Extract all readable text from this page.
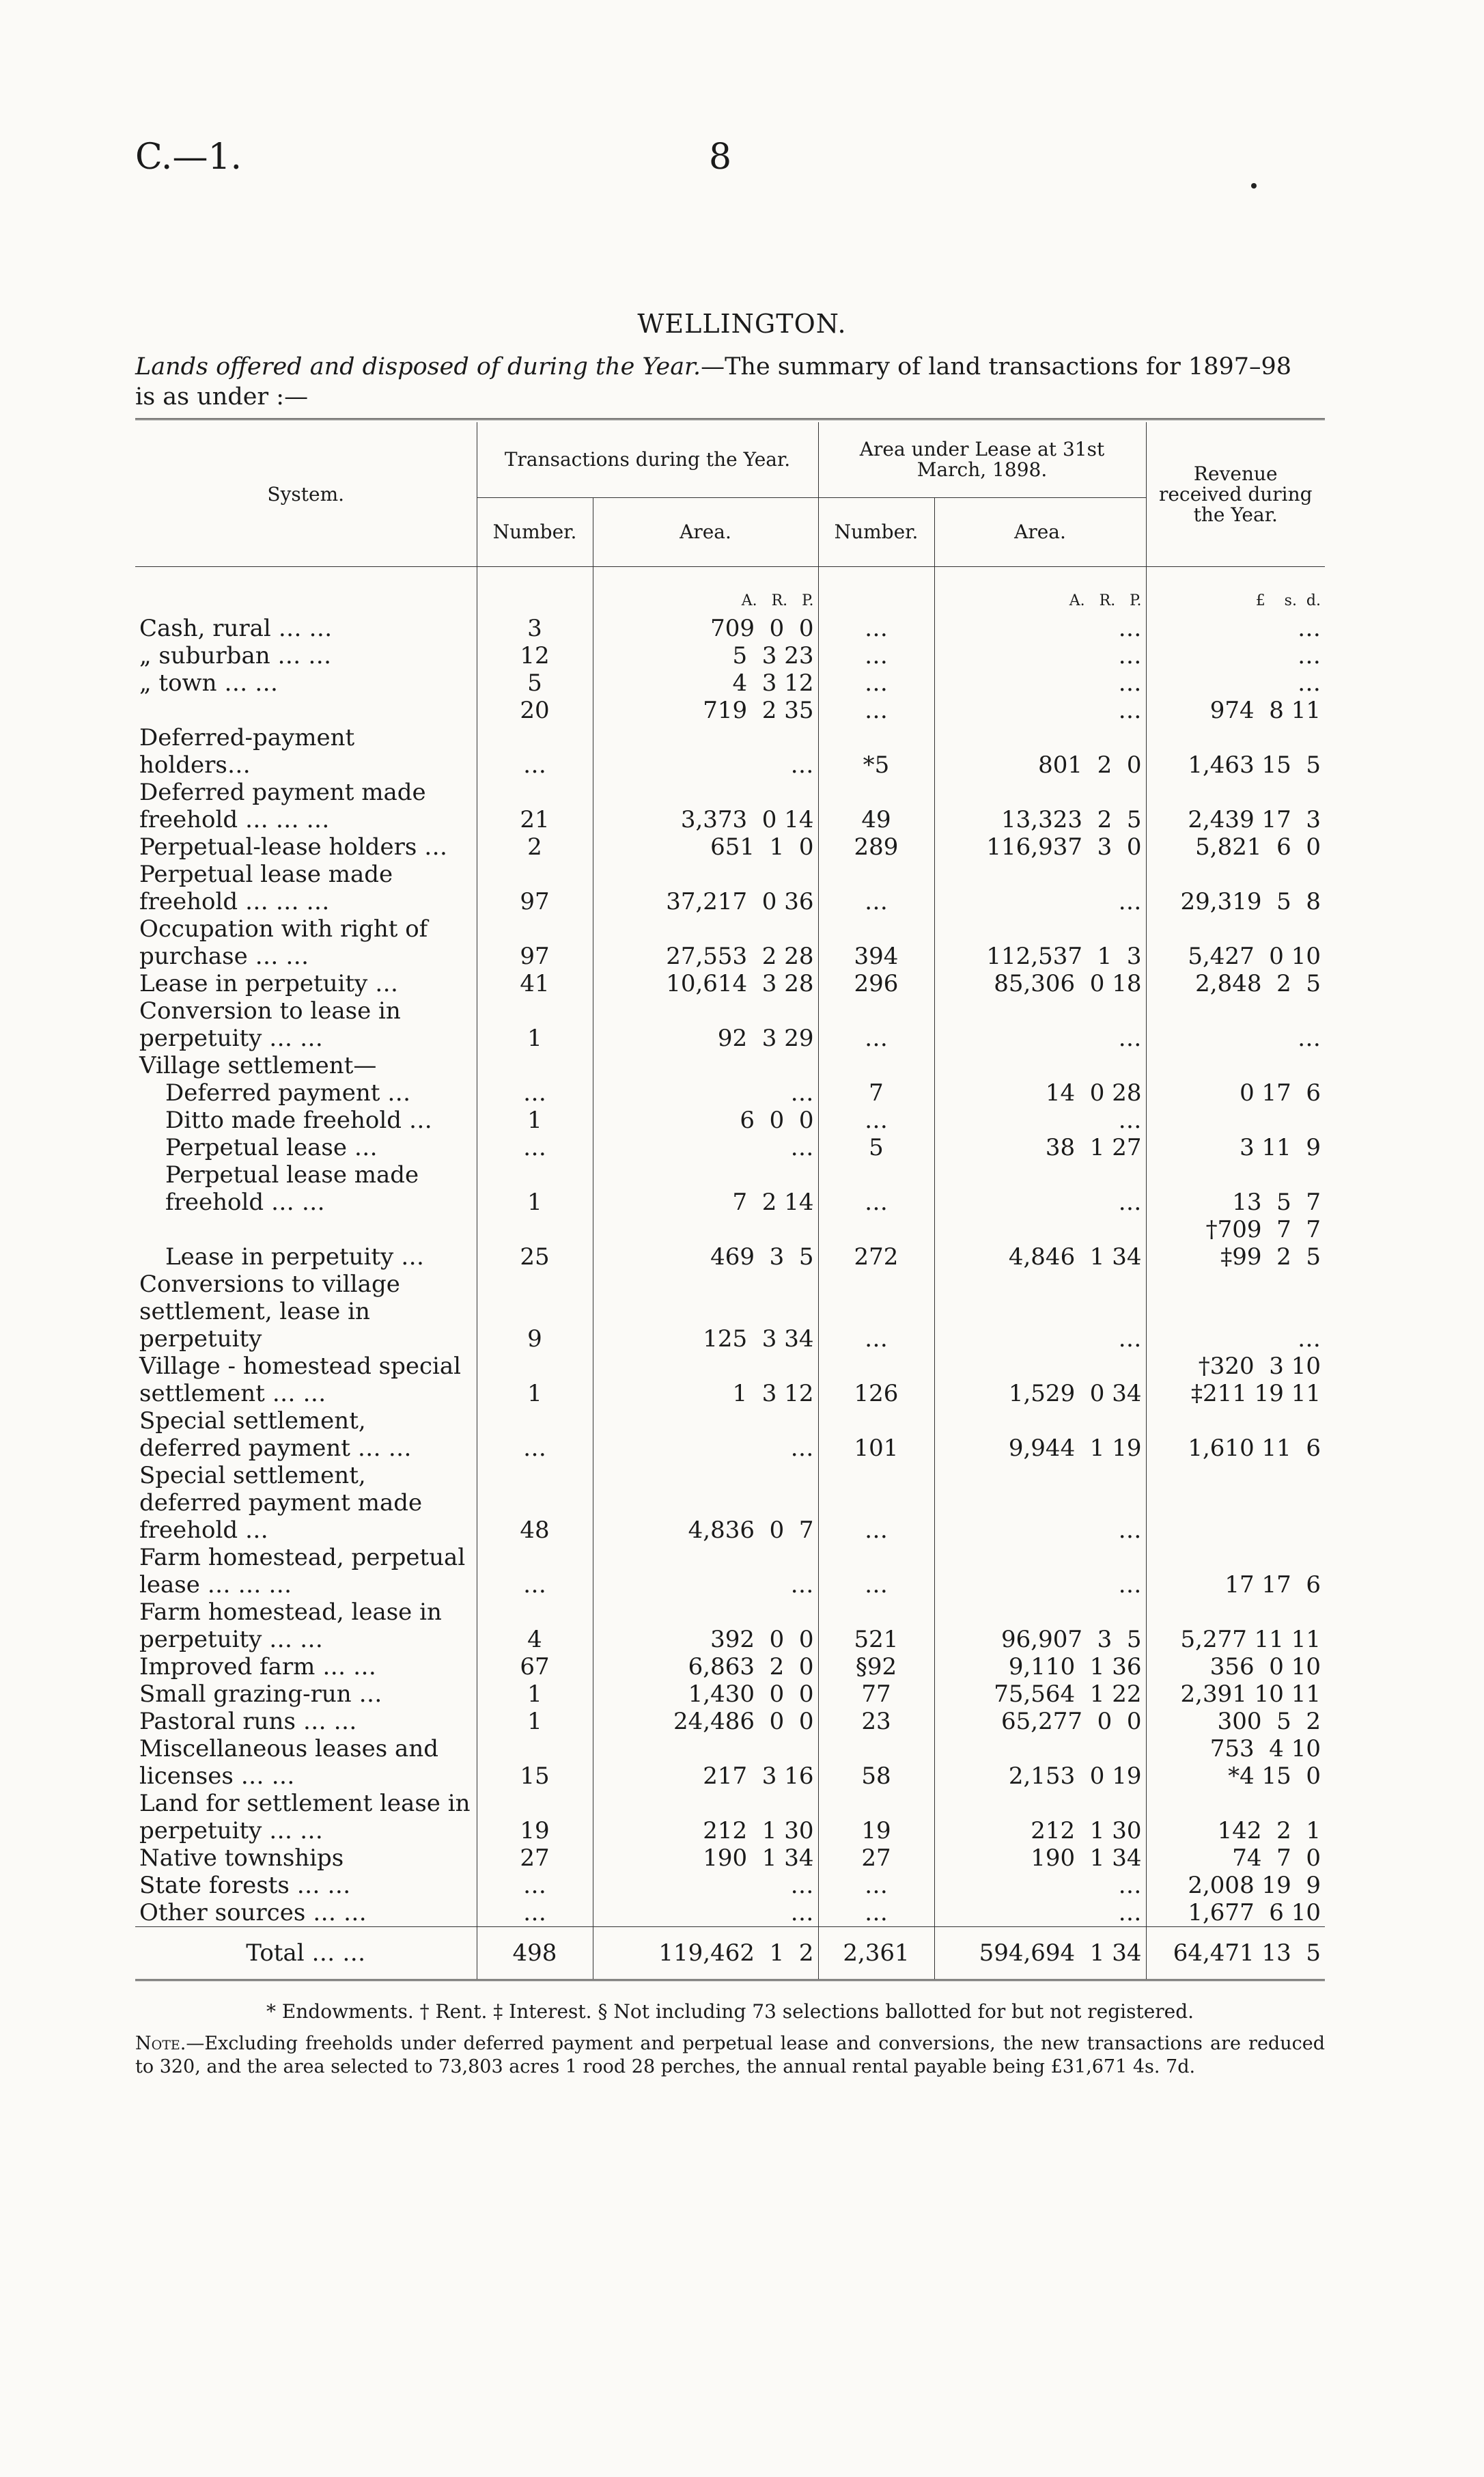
C.—1.	8
WELLINGTON.
Lands offered and disposed of during the Year.—The summary of land transactions for 1897–98
is as under :—
System.	Transactions during the Year.		Area under Lease at 31st March, 1898.		Revenue received during the Year.
	Number.	Area.	Number.	Area.	
		A.   R.   P.		A.   R.   P.	£    s.  d.
Cash, rural … …	3	709  0  0	…	…	…
„ suburban … …	12	5  3 23	…	…	…
„ town … …	5	4  3 12	…	…	…
	20	719  2 35	…	…	974  8 11
Deferred-payment holders…	…	…	*5	801  2  0	1,463 15  5
Deferred payment made freehold … … …	21	3,373  0 14	49	13,323  2  5	2,439 17  3
Perpetual-lease holders …	2	651  1  0	289	116,937  3  0	5,821  6  0
Perpetual lease made freehold … … …	97	37,217  0 36	…	…	29,319  5  8
Occupation with right of purchase … …	97	27,553  2 28	394	112,537  1  3	5,427  0 10
Lease in perpetuity …	41	10,614  3 28	296	85,306  0 18	2,848  2  5
Conversion to lease in perpetuity … …	1	92  3 29	…	…	…
Village settlement—					
Deferred payment …	…	…	7	14  0 28	0 17  6
Ditto made freehold …	1	6  0  0	…	…	
Perpetual lease …	…	…	5	38  1 27	3 11  9
Perpetual lease made freehold … …	1	7  2 14	…	…	13  5  7
Lease in perpetuity …	25	469  3  5	272	4,846  1 34	†709  7  7
‡99  2  5
Conversions to village settlement, lease in perpetuity	9	125  3 34	…	…	…
Village - homestead special settlement … …	1	1  3 12	126	1,529  0 34	†320  3 10
‡211 19 11
Special settlement, deferred payment … …	…	…	101	9,944  1 19	1,610 11  6
Special settlement, deferred payment made freehold …	48	4,836  0  7	…	…	
Farm homestead, perpetual lease … … …	…	…	…	…	17 17  6
Farm homestead, lease in perpetuity … …	4	392  0  0	521	96,907  3  5	5,277 11 11
Improved farm … …	67	6,863  2  0	§92	9,110  1 36	356  0 10
Small grazing-run …	1	1,430  0  0	77	75,564  1 22	2,391 10 11
Pastoral runs … …	1	24,486  0  0	23	65,277  0  0	300  5  2
Miscellaneous leases and licenses … …	15	217  3 16	58	2,153  0 19	753  4 10
*4 15  0
Land for settlement lease in perpetuity … …	19	212  1 30	19	212  1 30	142  2  1
Native townships	27	190  1 34	27	190  1 34	74  7  0
State forests … …	…	…	…	…	2,008 19  9
Other sources … …	…	…	…	…	1,677  6 10
Total … …	498	119,462  1  2	2,361	594,694  1 34	64,471 13  5
* Endowments. † Rent. ‡ Interest. § Not including 73 selections ballotted for but not registered.
Note.—Excluding freeholds under deferred payment and perpetual lease and conversions, the new transactions are reduced to 320, and the area selected to 73,803 acres 1 rood 28 perches, the annual rental payable being £31,671 4s. 7d.
